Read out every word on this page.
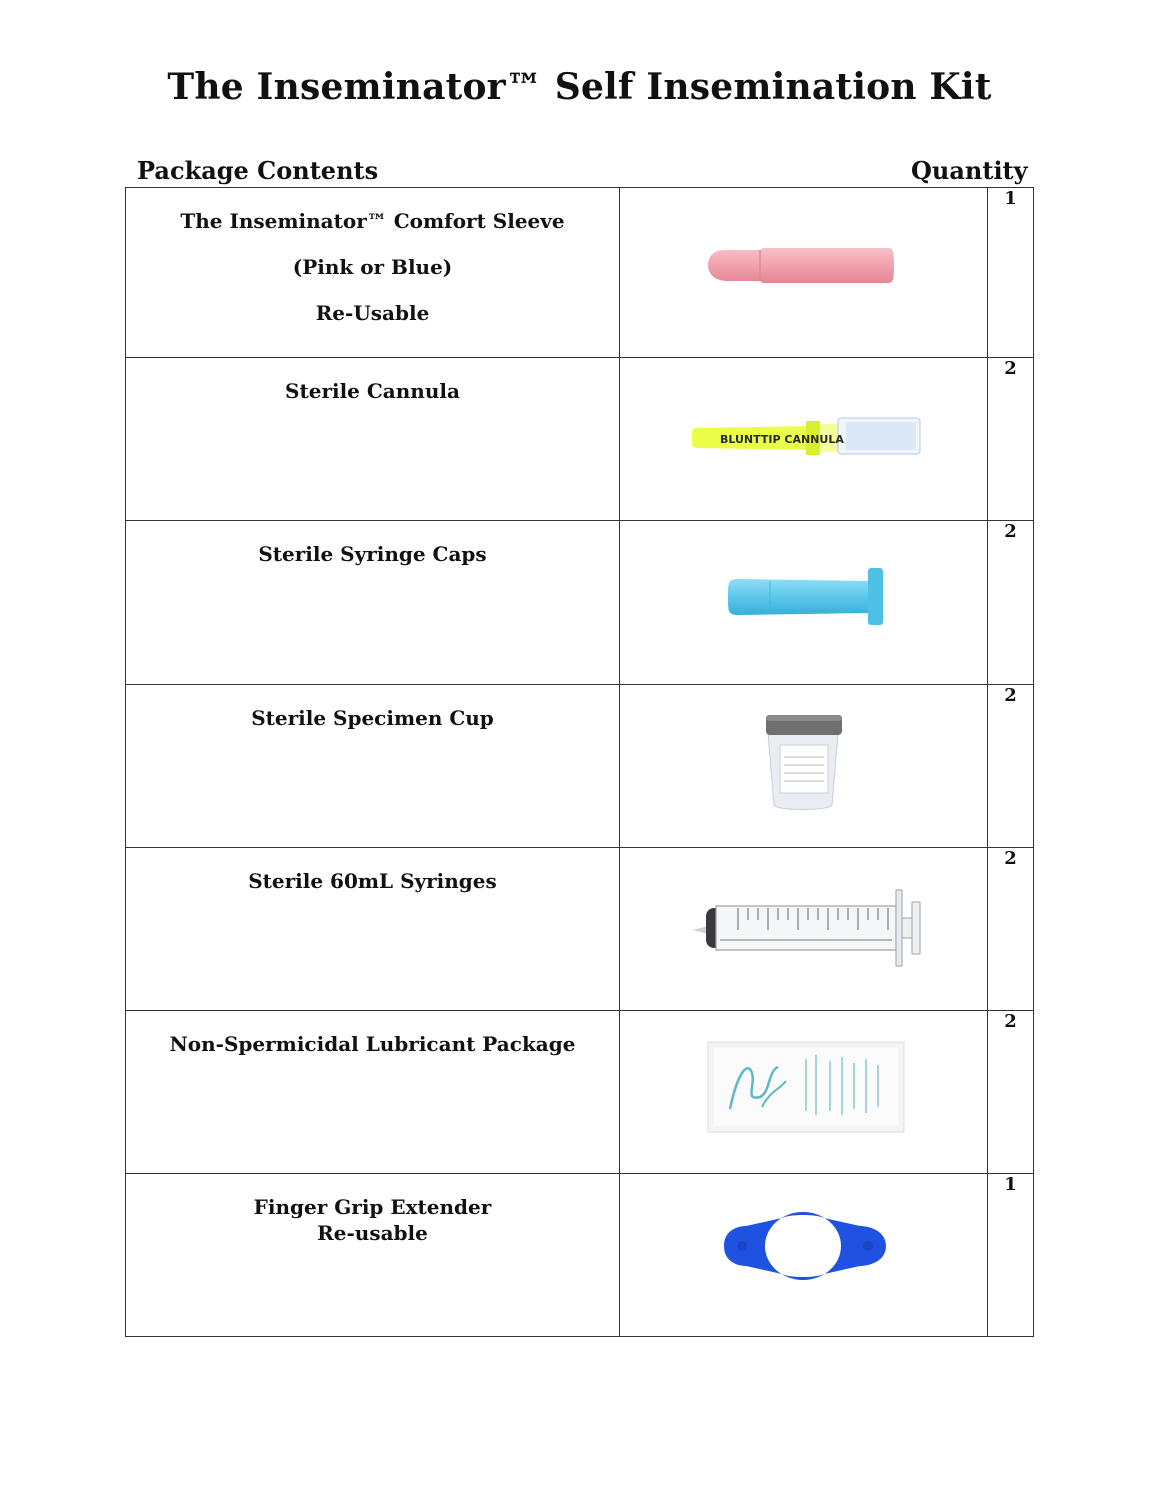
The Inseminator™ Self Insemination Kit
Package Contents	Quantity
The Inseminator™ Comfort Sleeve
(Pink or Blue)
Re-Usable		1

Sterile Cannula	BLUNTTIP CANNULA	2

Sterile Syringe Caps		2

Sterile Specimen Cup		2

Sterile 60mL Syringes		2

Non-Spermicidal Lubricant Package		2

Finger Grip Extender
Re-usable		1
